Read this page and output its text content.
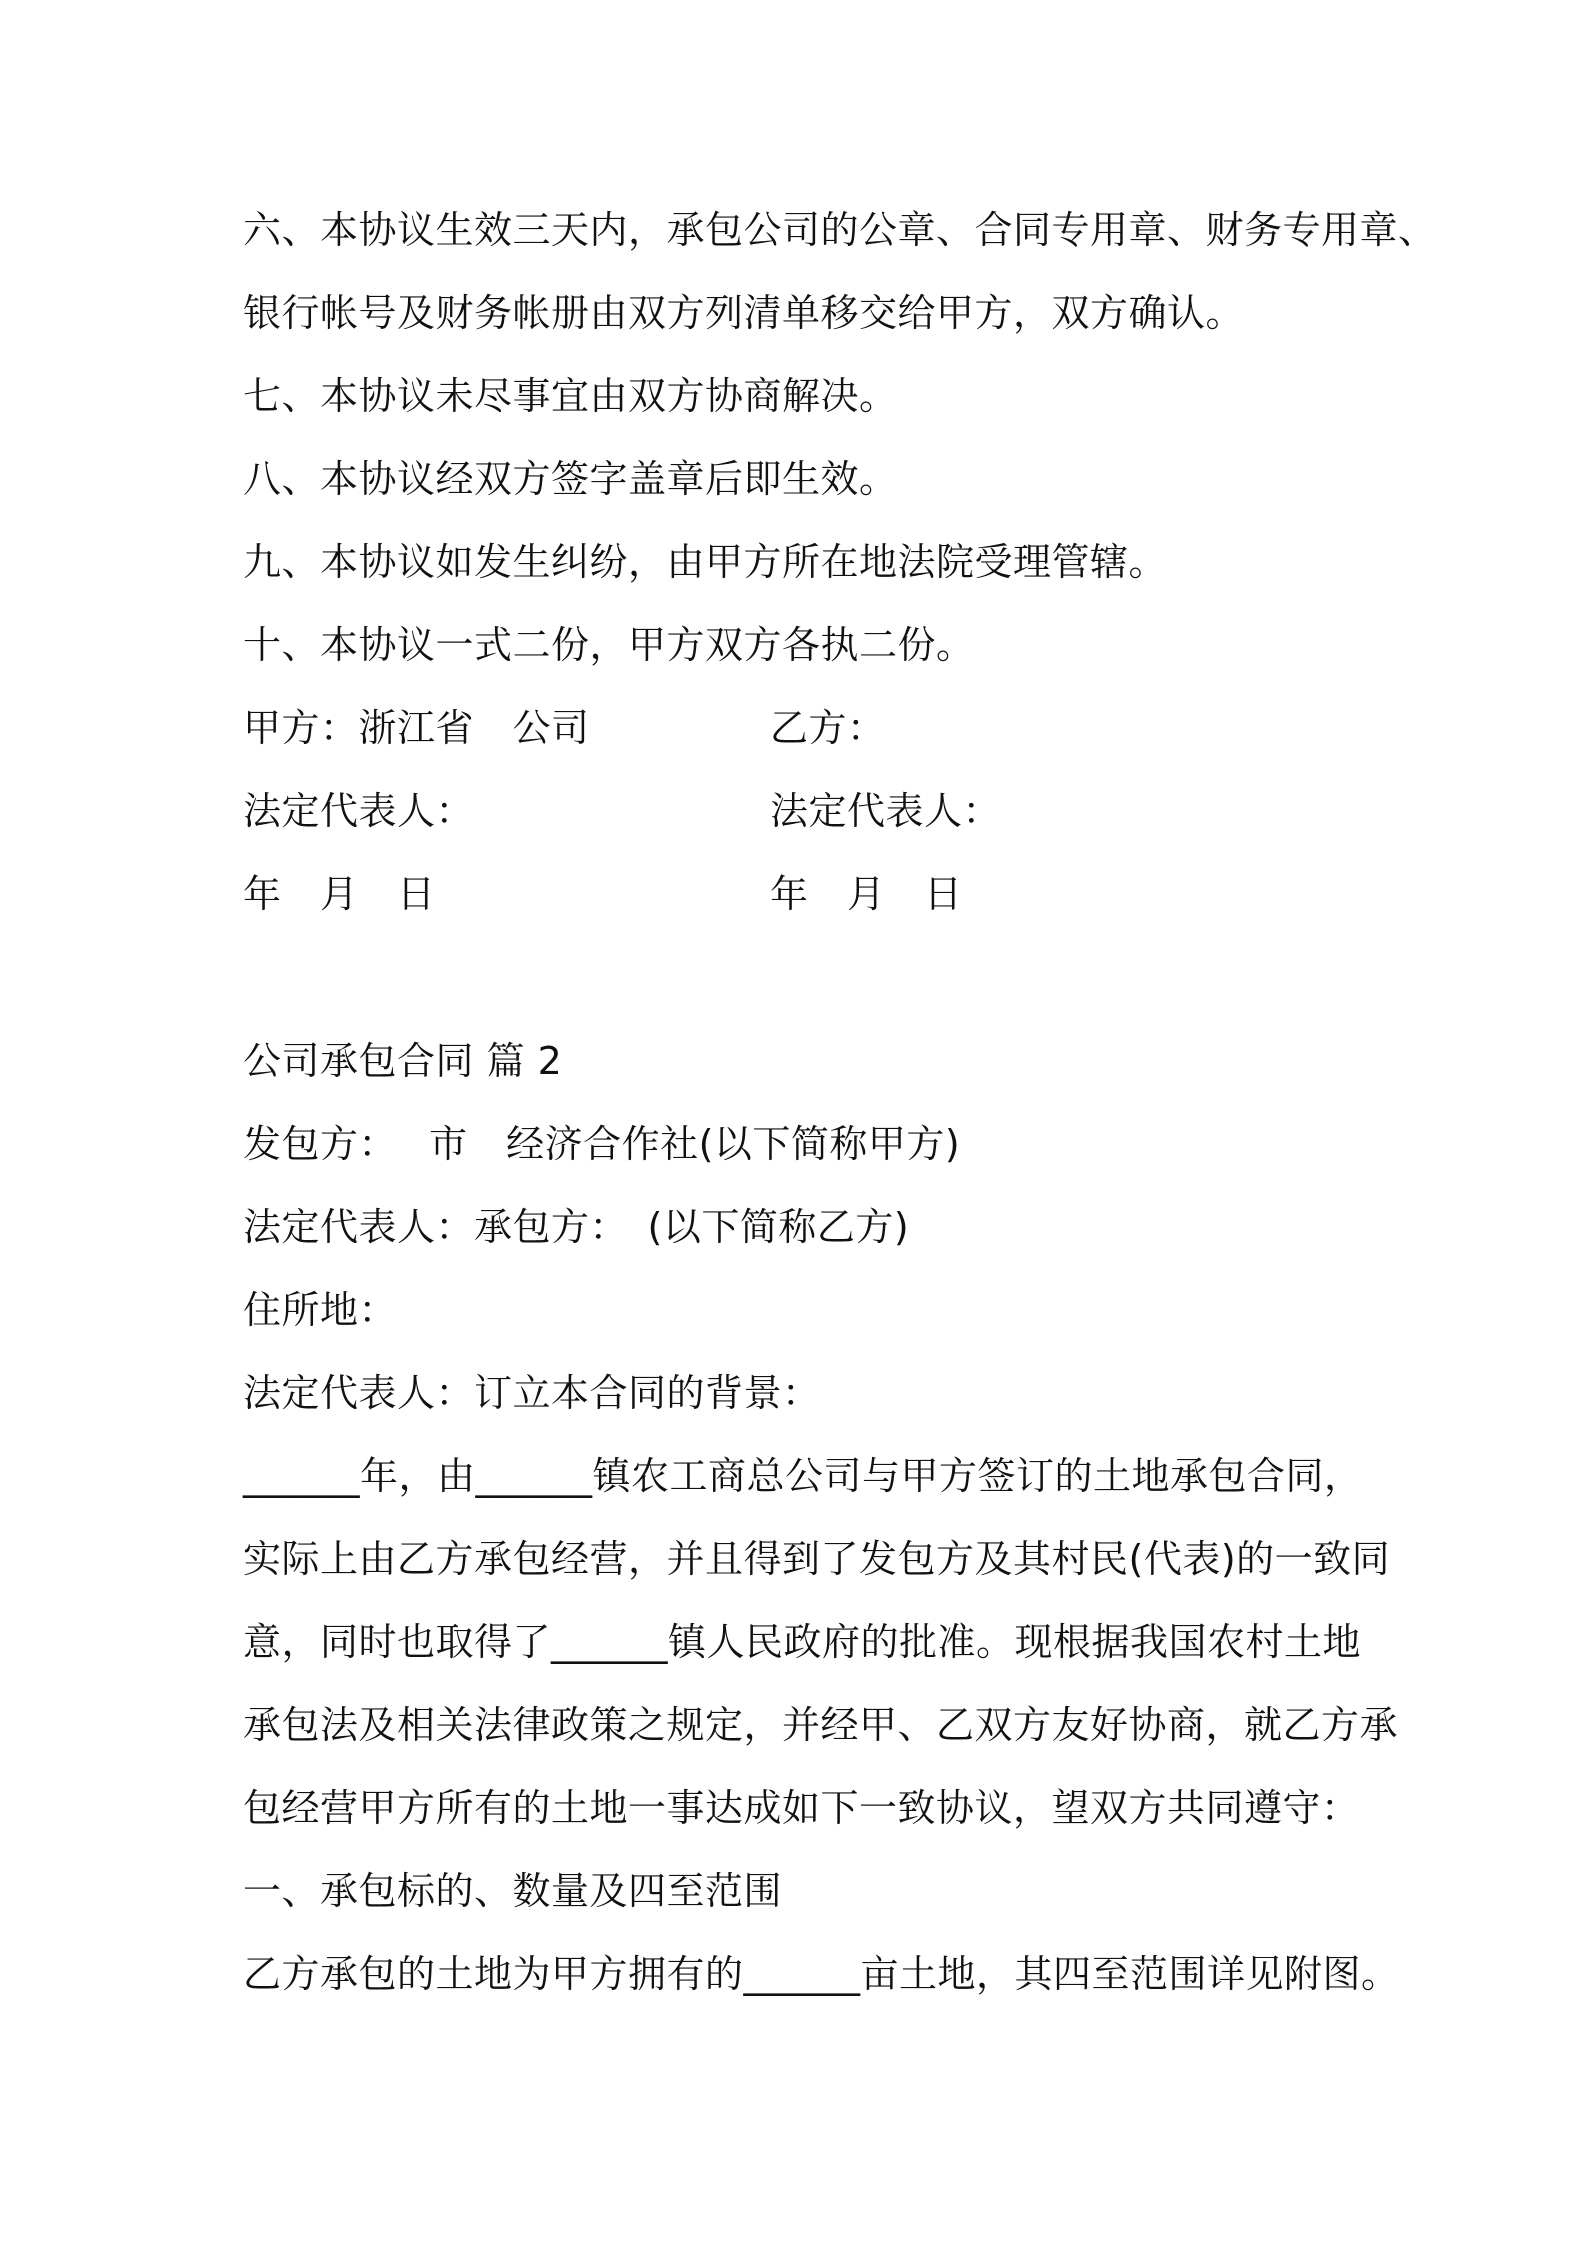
六、本协议生效三天内，承包公司的公章、合同专用章、财务专用章、
银行帐号及财务帐册由双方列清单移交给甲方，双方确认。
七、本协议未尽事宜由双方协商解决。
八、本协议经双方签字盖章后即生效。
九、本协议如发生纠纷，由甲方所在地法院受理管辖。
十、本协议一式二份，甲方双方各执二份。
甲方：浙江省　公司	乙方：
法定代表人：	法定代表人：
年　月　日	年　月　日
公司承包合同 篇 2
发包方：　 市　经济合作社(以下简称甲方)
法定代表人：承包方：　(以下简称乙方)
住所地：
法定代表人：订立本合同的背景：
______年，由______镇农工商总公司与甲方签订的土地承包合同，
实际上由乙方承包经营，并且得到了发包方及其村民(代表)的一致同
意，同时也取得了______镇人民政府的批准。现根据我国农村土地
承包法及相关法律政策之规定，并经甲、乙双方友好协商，就乙方承
包经营甲方所有的土地一事达成如下一致协议，望双方共同遵守：
一、承包标的、数量及四至范围
乙方承包的土地为甲方拥有的______亩土地，其四至范围详见附图。
